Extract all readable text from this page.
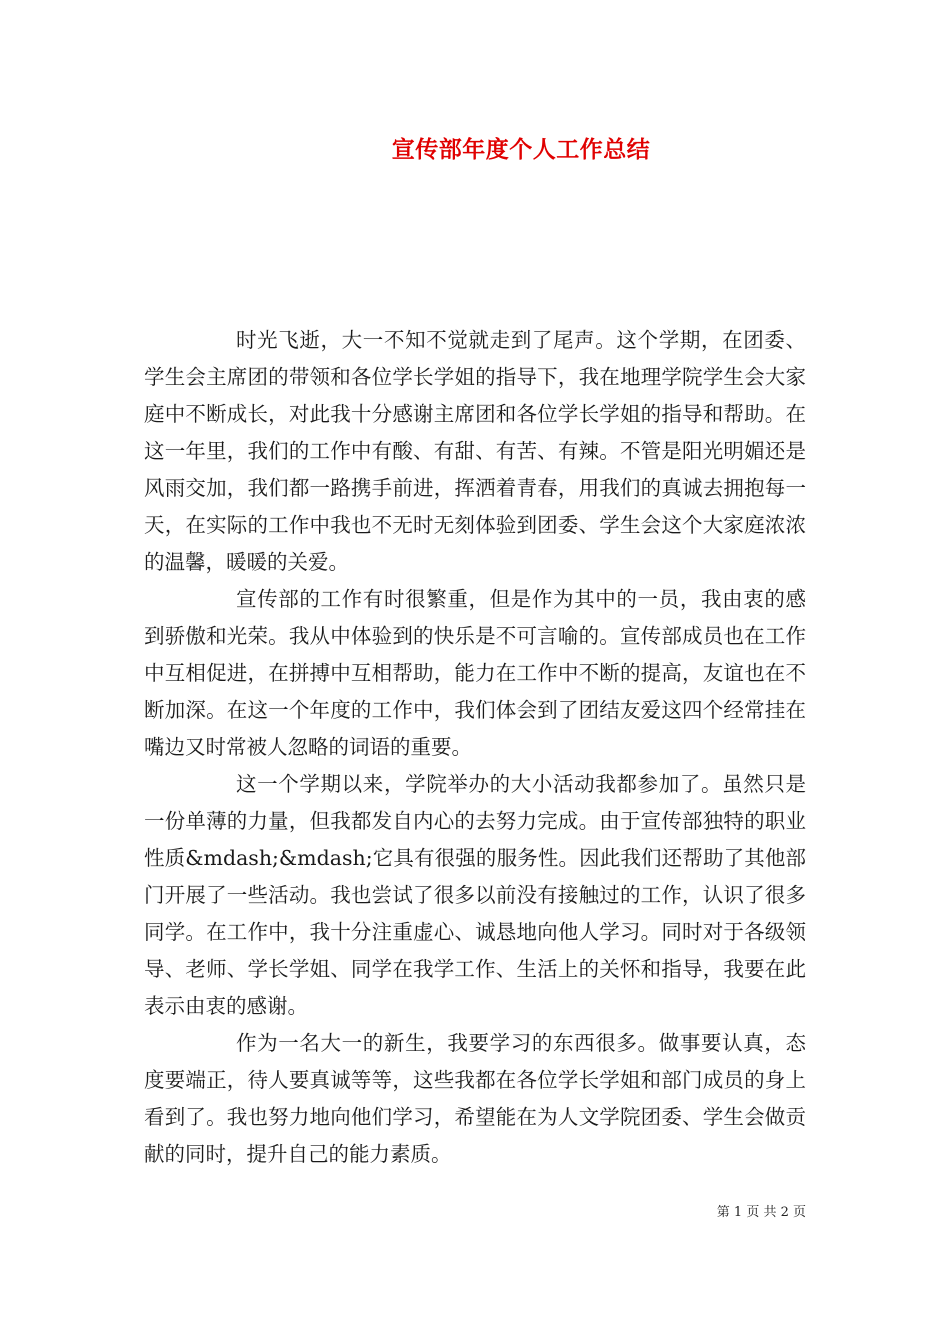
宣传部年度个人工作总结

时光飞逝，大一不知不觉就走到了尾声。这个学期，在团委、学生会主席团的带领和各位学长学姐的指导下，我在地理学院学生会大家庭中不断成长，对此我十分感谢主席团和各位学长学姐的指导和帮助。在这一年里，我们的工作中有酸、有甜、有苦、有辣。不管是阳光明媚还是风雨交加，我们都一路携手前进，挥洒着青春，用我们的真诚去拥抱每一天，在实际的工作中我也不无时无刻体验到团委、学生会这个大家庭浓浓的温馨，暖暖的关爱。

宣传部的工作有时很繁重，但是作为其中的一员，我由衷的感到骄傲和光荣。我从中体验到的快乐是不可言喻的。宣传部成员也在工作中互相促进，在拼搏中互相帮助，能力在工作中不断的提高，友谊也在不断加深。在这一个年度的工作中，我们体会到了团结友爱这四个经常挂在嘴边又时常被人忽略的词语的重要。

这一个学期以来，学院举办的大小活动我都参加了。虽然只是一份单薄的力量，但我都发自内心的去努力完成。由于宣传部独特的职业性质&mdash;&mdash;它具有很强的服务性。因此我们还帮助了其他部门开展了一些活动。我也尝试了很多以前没有接触过的工作，认识了很多同学。在工作中，我十分注重虚心、诚恳地向他人学习。同时对于各级领导、老师、学长学姐、同学在我学工作、生活上的关怀和指导，我要在此表示由衷的感谢。

作为一名大一的新生，我要学习的东西很多。做事要认真，态度要端正，待人要真诚等等，这些我都在各位学长学姐和部门成员的身上看到了。我也努力地向他们学习，希望能在为人文学院团委、学生会做贡献的同时，提升自己的能力素质。

第 1 页 共 2 页
